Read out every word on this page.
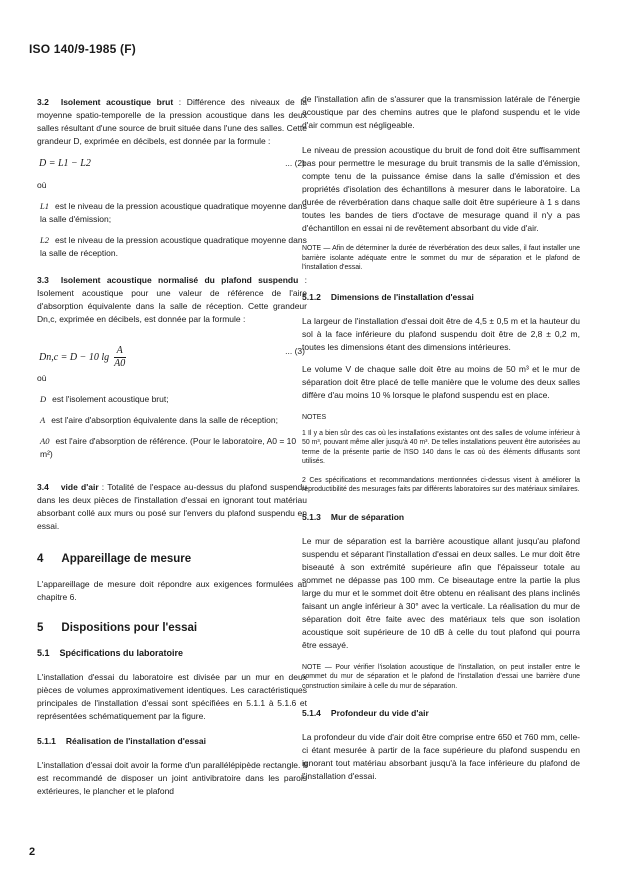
ISO 140/9-1985 (F)
3.2 Isolement acoustique brut : Différence des niveaux de la moyenne spatio-temporelle de la pression acoustique dans les deux salles résultant d'une source de bruit située dans l'une des salles. Cette grandeur D, exprimée en décibels, est donnée par la formule :
D = L1 − L2	... (2)
où
L1 est le niveau de la pression acoustique quadratique moyenne dans la salle d'émission;
L2 est le niveau de la pression acoustique quadratique moyenne dans la salle de réception.
3.3 Isolement acoustique normalisé du plafond suspendu : Isolement acoustique pour une valeur de référence de l'aire d'absorption équivalente dans la salle de réception. Cette grandeur Dn,c, exprimée en décibels, est donnée par la formule :
Dn,c = D − 10 $\lg \frac{A}{A0}$	... (3)
où
D est l'isolement acoustique brut;
A est l'aire d'absorption équivalente dans la salle de réception;
A0 est l'aire d'absorption de référence. (Pour le laboratoire, A0 = 10 m²)
3.4 vide d'air : Totalité de l'espace au-dessus du plafond suspendu dans les deux pièces de l'installation d'essai en ignorant tout matériau absorbant collé aux murs ou posé sur l'envers du plafond suspendu en essai.
4 Appareillage de mesure

L'appareillage de mesure doit répondre aux exigences formulées au chapitre 6.

5 Dispositions pour l'essai
5.1 Spécifications du laboratoire

L'installation d'essai du laboratoire est divisée par un mur en deux pièces de volumes approximativement identiques. Les caractéristiques principales de l'installation d'essai sont spécifiées en 5.1.1 à 5.1.6 et représentées schématiquement par la figure.

5.1.1 Réalisation de l'installation d'essai

L'installation d'essai doit avoir la forme d'un parallélépipède rectangle. Il est recommandé de disposer un joint antivibratoire dans les parois extérieures, le plancher et le plafond

de l'installation afin de s'assurer que la transmission latérale de l'énergie acoustique par des chemins autres que le plafond suspendu et le vide d'air commun est négligeable.

Le niveau de pression acoustique du bruit de fond doit être suffisamment bas pour permettre le mesurage du bruit transmis de la salle d'émission, compte tenu de la puissance émise dans la salle d'émission et des propriétés d'isolation des échantillons à mesurer dans le laboratoire. La durée de réverbération dans chaque salle doit être supérieure à 1 s dans toutes les bandes de tiers d'octave de mesurage quand il n'y a pas d'échantillon en essai ni de revêtement absorbant du vide d'air.

NOTE — Afin de déterminer la durée de réverbération des deux salles, il faut installer une barrière isolante adéquate entre le sommet du mur de séparation et le plafond de l'installation d'essai.
5.1.2 Dimensions de l'installation d'essai

La largeur de l'installation d'essai doit être de 4,5 ± 0,5 m et la hauteur du sol à la face inférieure du plafond suspendu doit être de 2,8 ± 0,2 m, toutes les dimensions étant des dimensions intérieures.

Le volume V de chaque salle doit être au moins de 50 m³ et le mur de séparation doit être placé de telle manière que le volume des deux salles diffère d'au moins 10 % lorsque le plafond suspendu est en place.

NOTES
1 Il y a bien sûr des cas où les installations existantes ont des salles de volume inférieur à 50 m³, pouvant même aller jusqu'à 40 m³. De telles installations peuvent être autorisées au terme de la présente partie de l'ISO 140 dans le cas où des éléments diffusants sont utilisés.
2 Ces spécifications et recommandations mentionnées ci-dessus visent à améliorer la reproductibilité des mesurages faits par différents laboratoires sur des matériaux similaires.
5.1.3 Mur de séparation

Le mur de séparation est la barrière acoustique allant jusqu'au plafond suspendu et séparant l'installation d'essai en deux salles. Le mur doit être biseauté à son extrémité supérieure afin que l'épaisseur totale au sommet ne dépasse pas 100 mm. Ce biseautage entre la partie la plus large du mur et le sommet doit être obtenu en réalisant des plans inclinés faisant un angle inférieur à 30° avec la verticale. La réalisation du mur de séparation doit être faite avec des matériaux tels que son isolation acoustique soit supérieure de 10 dB à celle du tout plafond qui pourra être essayé.

NOTE — Pour vérifier l'isolation acoustique de l'installation, on peut installer entre le sommet du mur de séparation et le plafond de l'installation d'essai une barrière d'une construction similaire à celle du mur de séparation.
5.1.4 Profondeur du vide d'air

La profondeur du vide d'air doit être comprise entre 650 et 760 mm, celle-ci étant mesurée à partir de la face supérieure du plafond suspendu en ignorant tout matériau absorbant jusqu'à la face inférieure du plafond de l'installation d'essai.

2
